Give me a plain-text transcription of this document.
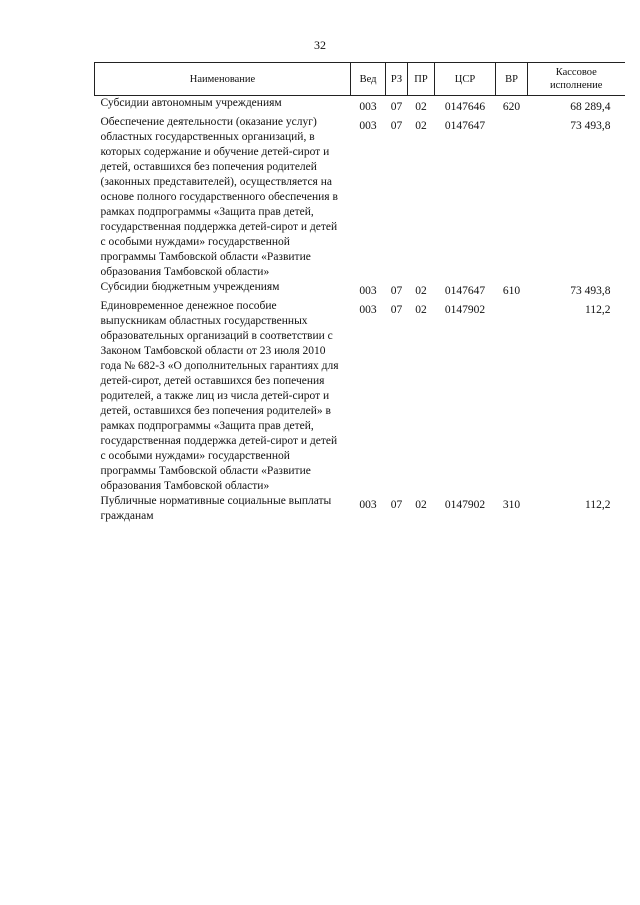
32
Наименование	Вед	РЗ	ПР	ЦСР	ВР	Кассовое исполнение
Субсидии автономным учреждениям	003	07	02	0147646	620	68 289,4
Обеспечение деятельности (оказание услуг) областных государственных организаций, в которых содержание и обучение детей-сирот и детей, оставшихся без попечения родителей (законных представителей), осуществляется на основе полного государственного обеспечения в рамках подпрограммы «Защита прав детей, государственная поддержка детей-сирот и детей с особыми нуждами» государственной программы Тамбовской области «Развитие образования Тамбовской области»	003	07	02	0147647		73 493,8
Субсидии бюджетным учреждениям	003	07	02	0147647	610	73 493,8
Единовременное денежное пособие выпускникам областных государственных образовательных организаций в соответствии с Законом Тамбовской области от 23 июля 2010 года № 682-З «О дополнительных гарантиях для детей-сирот, детей оставшихся без попечения родителей, а также лиц из числа детей-сирот и детей, оставшихся без попечения родителей» в рамках подпрограммы «Защита прав детей, государственная поддержка детей-сирот и детей с особыми нуждами» государственной программы Тамбовской области «Развитие образования Тамбовской области»	003	07	02	0147902		112,2
Публичные нормативные социальные выплаты гражданам	003	07	02	0147902	310	112,2
